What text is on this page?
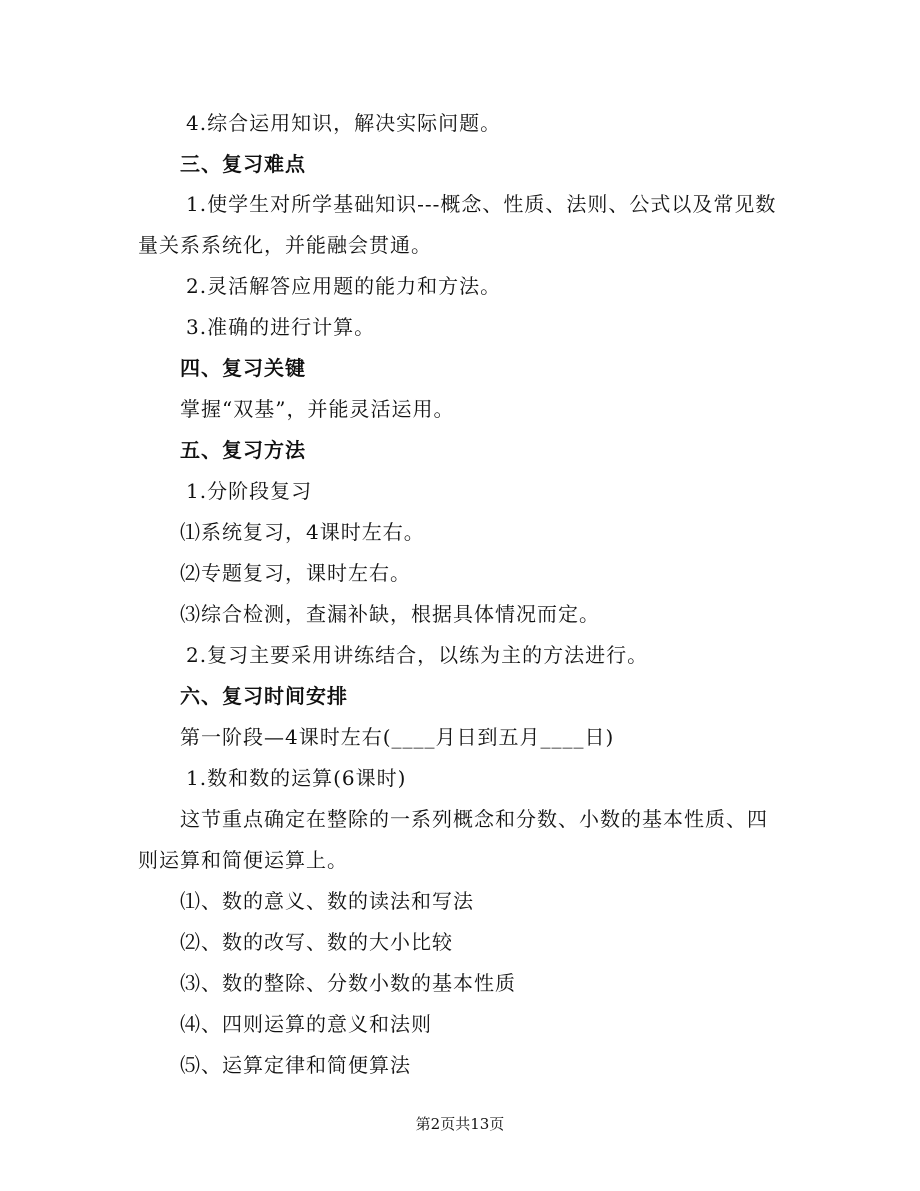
4.综合运用知识，解决实际问题。
三、复习难点
1.使学生对所学基础知识---概念、性质、法则、公式以及常见数
量关系系统化，并能融会贯通。
2.灵活解答应用题的能力和方法。
3.准确的进行计算。
四、复习关键
掌握“双基”，并能灵活运用。
五、复习方法
1.分阶段复习
⑴系统复习，4课时左右。
⑵专题复习，课时左右。
⑶综合检测，查漏补缺，根据具体情况而定。
2.复习主要采用讲练结合，以练为主的方法进行。
六、复习时间安排
第一阶段—4课时左右(____月日到五月____日)
1.数和数的运算(6课时)
这节重点确定在整除的一系列概念和分数、小数的基本性质、四
则运算和简便运算上。
⑴、数的意义、数的读法和写法
⑵、数的改写、数的大小比较
⑶、数的整除、分数小数的基本性质
⑷、四则运算的意义和法则
⑸、运算定律和简便算法
第2页共13页
